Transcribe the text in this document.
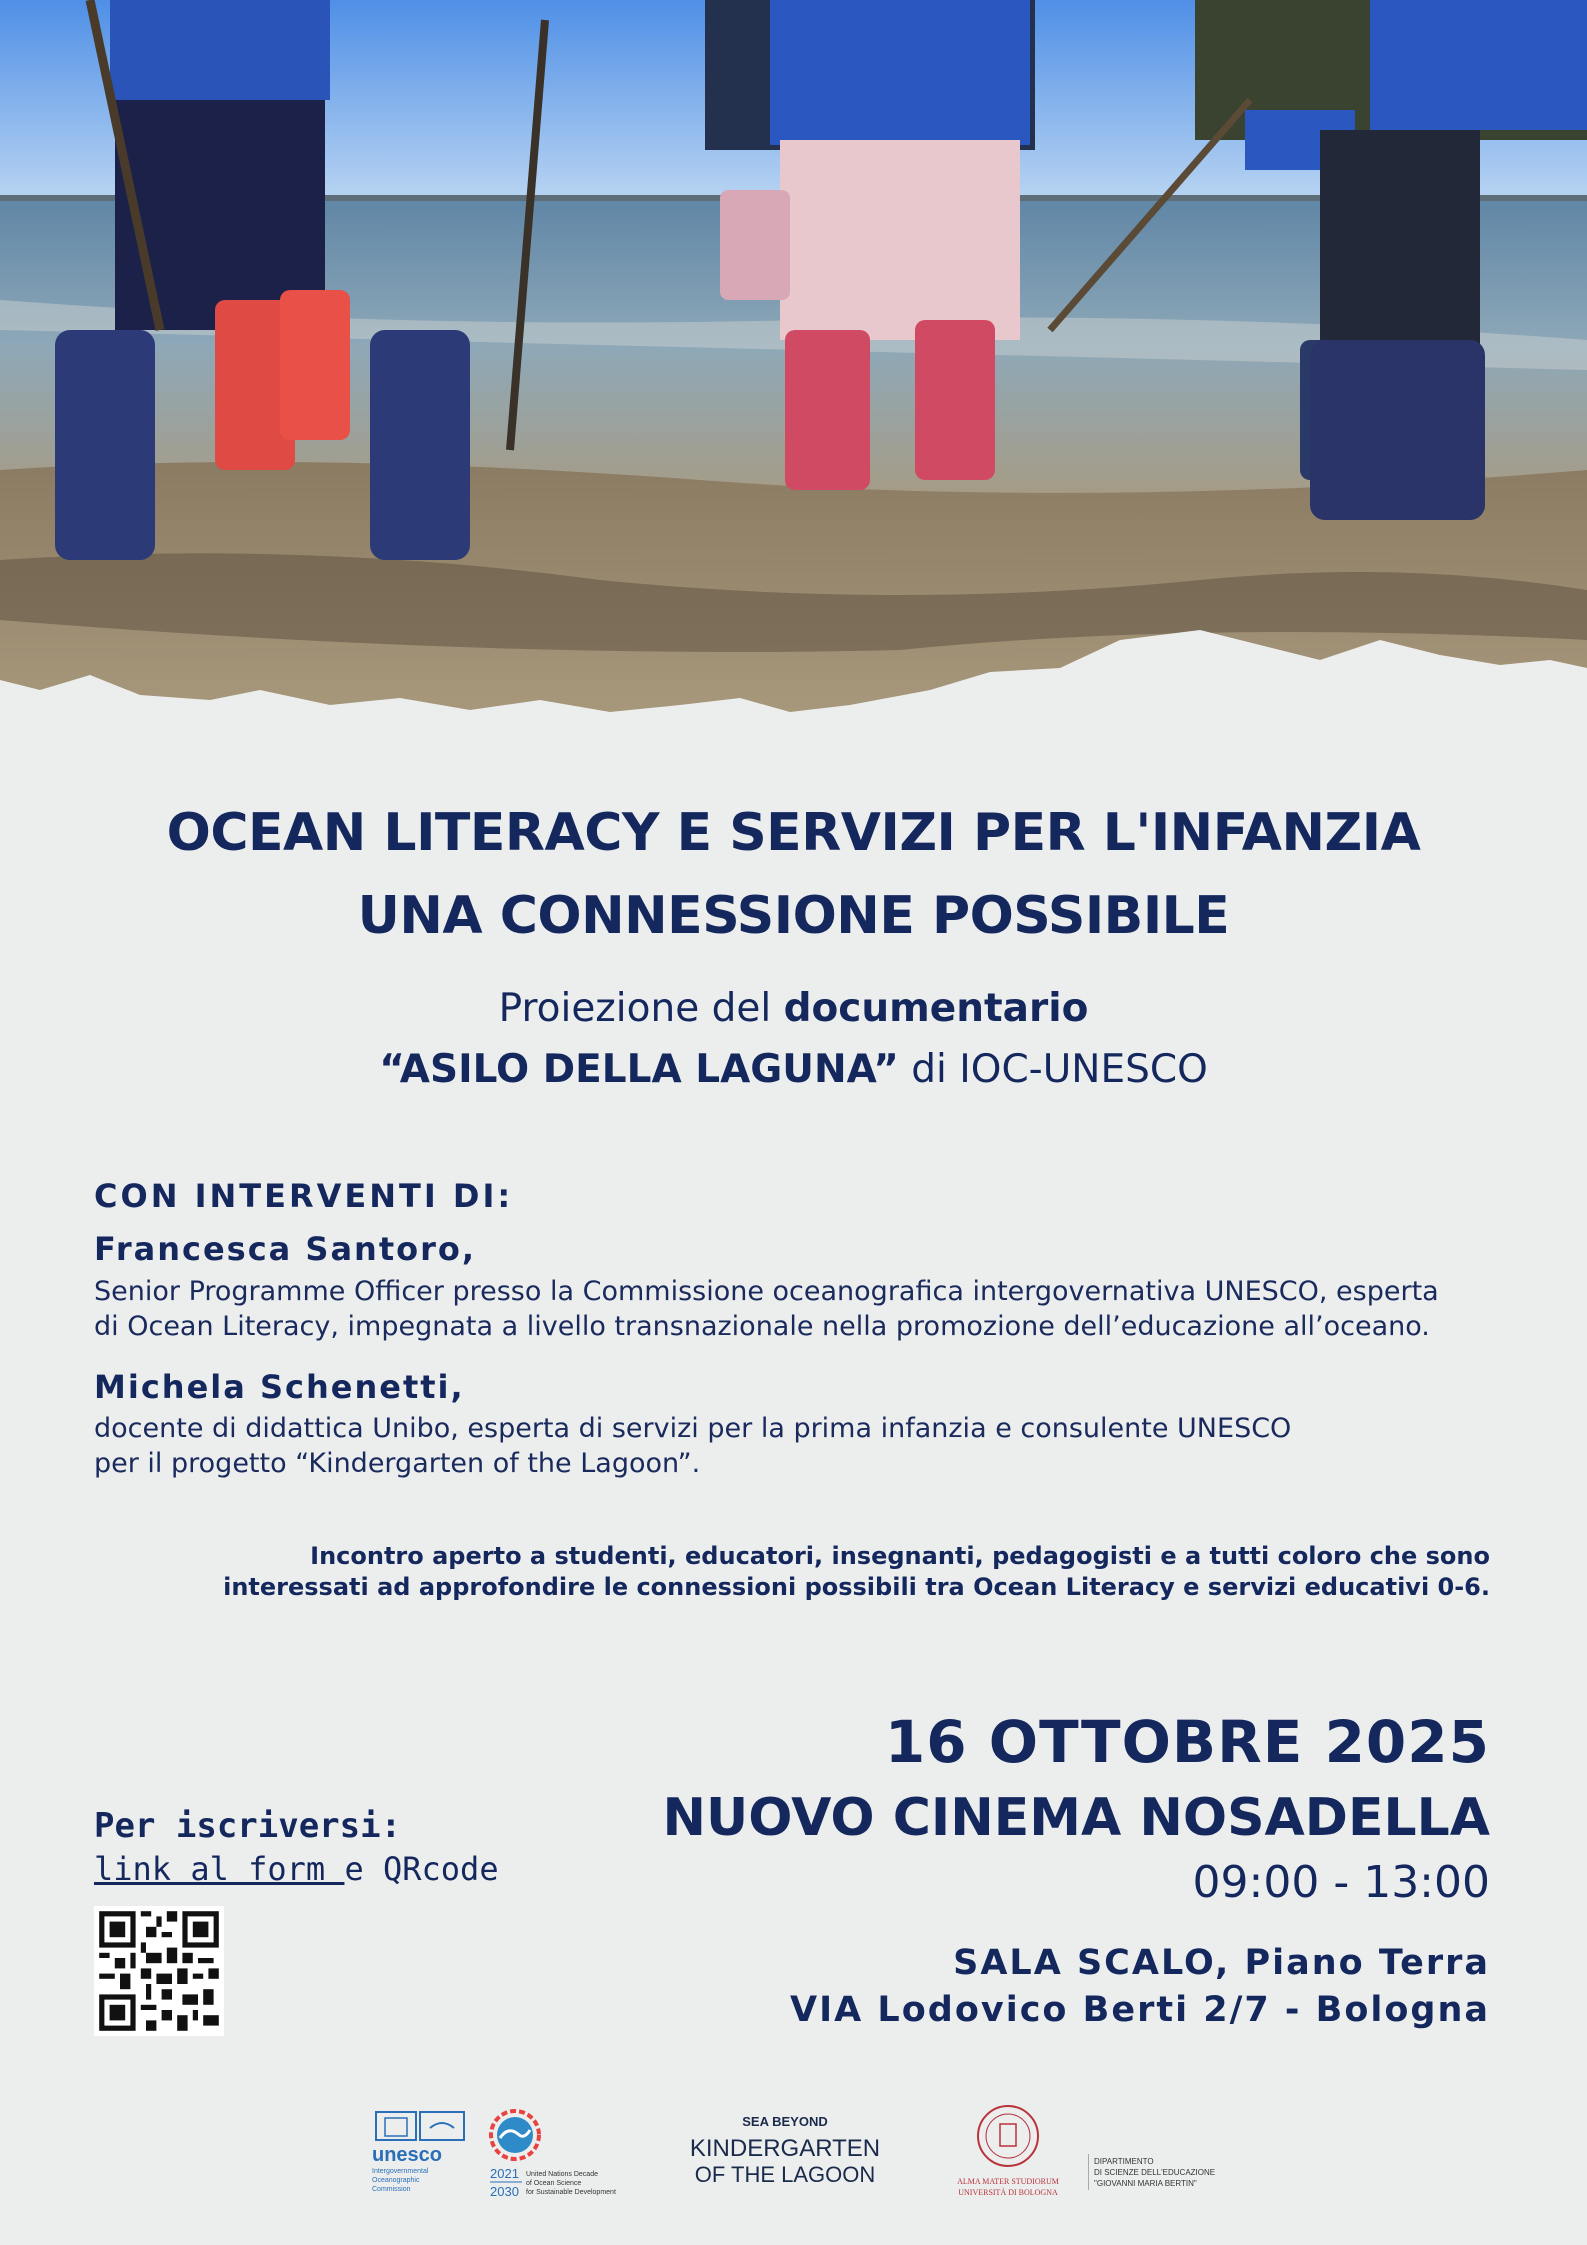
OCEAN LITERACY E SERVIZI PER L'INFANZIA
UNA CONNESSIONE POSSIBILE
Proiezione del documentario
“ASILO DELLA LAGUNA” di IOC-UNESCO
CON INTERVENTI DI:
Francesca Santoro,
Senior Programme Officer presso la Commissione oceanografica intergovernativa UNESCO, esperta
di Ocean Literacy, impegnata a livello transnazionale nella promozione dell’educazione all’oceano.
Michela Schenetti,
docente di didattica Unibo, esperta di servizi per la prima infanzia e consulente UNESCO
per il progetto “Kindergarten of the Lagoon”.
Incontro aperto a studenti, educatori, insegnanti, pedagogisti e a tutti coloro che sono
interessati ad approfondire le connessioni possibili tra Ocean Literacy e servizi educativi 0-6.
16 OTTOBRE 2025
NUOVO CINEMA NOSADELLA
09:00 - 13:00
SALA SCALO, Piano Terra
VIA Lodovico Berti 2/7 - Bologna
Per iscriversi:
link al form e QRcode
unesco
Intergovernmental
Oceanographic
Commission
2021
2030
United Nations Decade
of Ocean Science
for Sustainable Development
SEA BEYOND
KINDERGARTEN
OF THE LAGOON	ALMA MATER STUDIORUM
UNIVERSITÀ DI BOLOGNA
DIPARTIMENTO
DI SCIENZE DELL'EDUCAZIONE
"GIOVANNI MARIA BERTIN"
